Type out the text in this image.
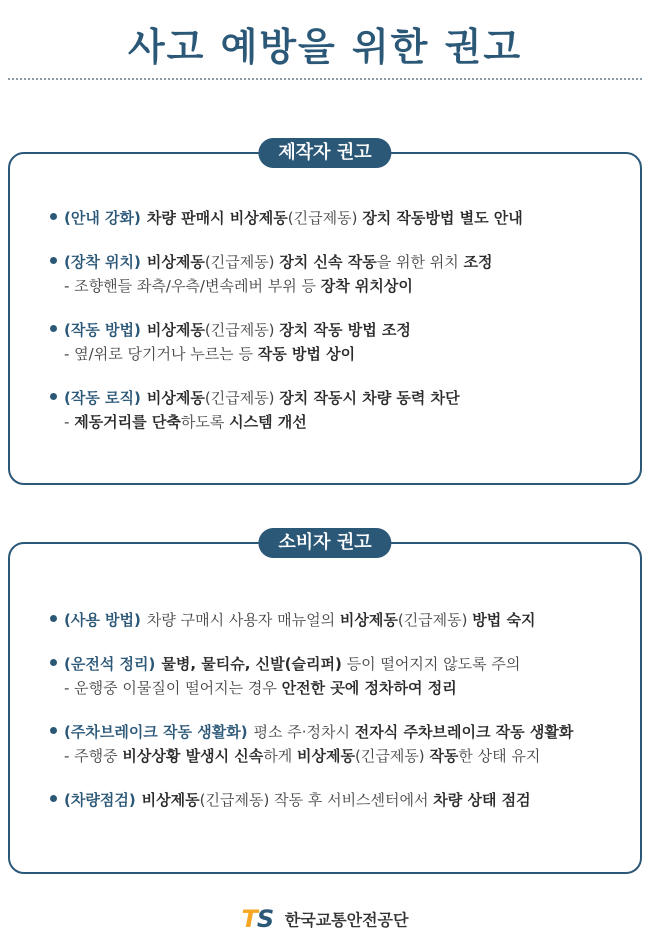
사고 예방을 위한 권고
제작자 권고
(안내 강화) 차량 판매시 비상제동(긴급제동) 장치 작동방법 별도 안내
(장착 위치) 비상제동(긴급제동) 장치 신속 작동을 위한 위치 조정
- 조향핸들 좌측/우측/변속레버 부위 등 장착 위치상이
(작동 방법) 비상제동(긴급제동) 장치 작동 방법 조정
- 옆/위로 당기거나 누르는 등 작동 방법 상이
(작동 로직) 비상제동(긴급제동) 장치 작동시 차량 동력 차단
- 제동거리를 단축하도록 시스템 개선
소비자 권고
(사용 방법) 차량 구매시 사용자 매뉴얼의 비상제동(긴급제동) 방법 숙지
(운전석 정리) 물병, 물티슈, 신발(슬리퍼) 등이 떨어지지 않도록 주의
- 운행중 이물질이 떨어지는 경우 안전한 곳에 정차하여 정리
(주차브레이크 작동 생활화) 평소 주·정차시 전자식 주차브레이크 작동 생활화
- 주행중 비상상황 발생시 신속하게 비상제동(긴급제동) 작동한 상태 유지
(차량점검) 비상제동(긴급제동) 작동 후 서비스센터에서 차량 상태 점검
TS 한국교통안전공단
